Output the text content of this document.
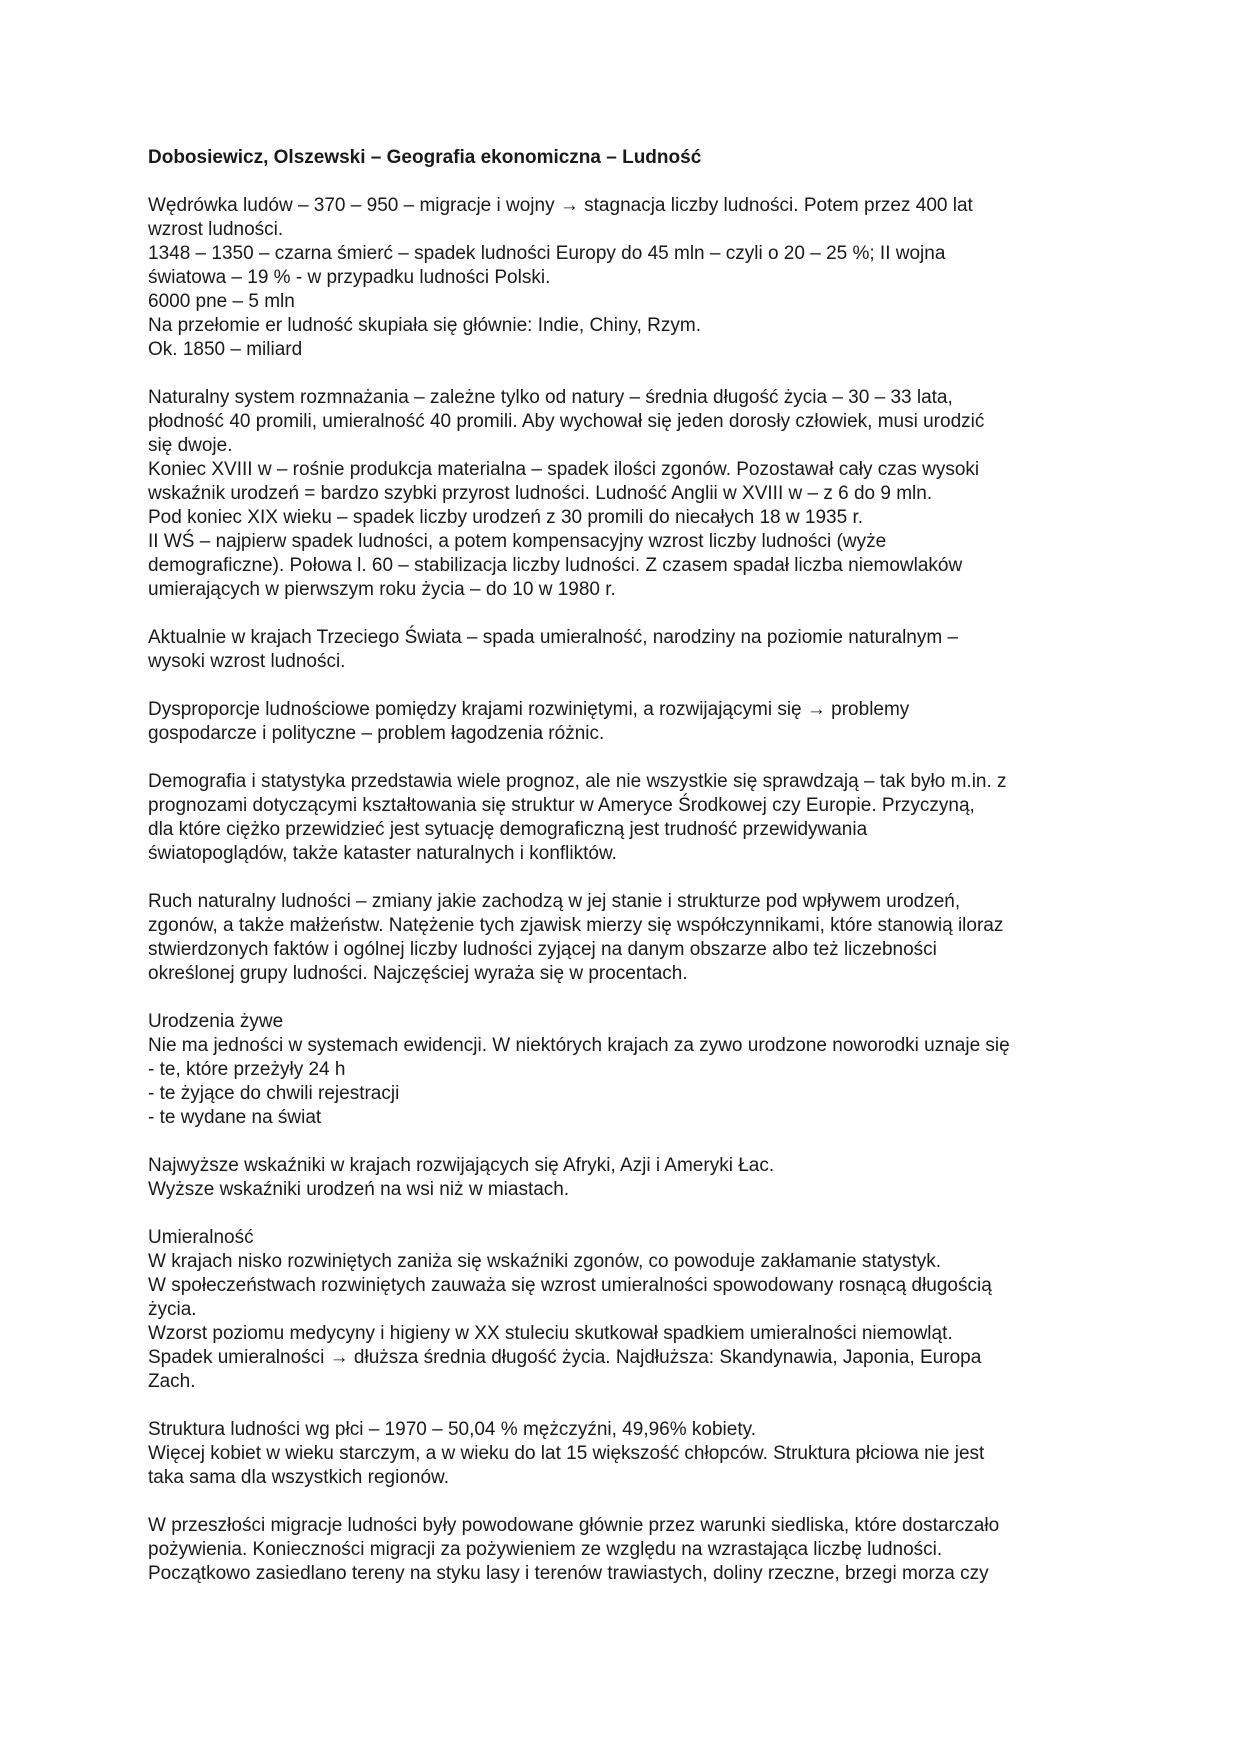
Dobosiewicz, Olszewski – Geografia ekonomiczna – Ludność
Wędrówka ludów – 370 – 950 – migracje i wojny → stagnacja liczby ludności. Potem przez 400 lat
wzrost ludności.
1348 – 1350 – czarna śmierć – spadek ludności Europy do 45 mln – czyli o 20 – 25 %; II wojna
światowa – 19 % - w przypadku ludności Polski.
6000 pne – 5 mln
Na przełomie er ludność skupiała się głównie: Indie, Chiny, Rzym.
Ok. 1850 – miliard
Naturalny system rozmnażania – zależne tylko od natury – średnia długość życia – 30 – 33 lata,
płodność 40 promili, umieralność 40 promili. Aby wychował się jeden dorosły człowiek, musi urodzić
się dwoje.
Koniec XVIII w – rośnie produkcja materialna – spadek ilości zgonów. Pozostawał cały czas wysoki
wskaźnik urodzeń = bardzo szybki przyrost ludności. Ludność Anglii w XVIII w – z 6 do 9 mln.
Pod koniec XIX wieku – spadek liczby urodzeń z 30 promili do niecałych 18 w 1935 r.
II WŚ – najpierw spadek ludności, a potem kompensacyjny wzrost liczby ludności (wyże
demograficzne). Połowa l. 60 – stabilizacja liczby ludności. Z czasem spadał liczba niemowlaków
umierających w pierwszym roku życia – do 10 w 1980 r.
Aktualnie w krajach Trzeciego Świata – spada umieralność, narodziny na poziomie naturalnym –
wysoki wzrost ludności.
Dysproporcje ludnościowe pomiędzy krajami rozwiniętymi, a rozwijającymi się → problemy
gospodarcze i polityczne – problem łagodzenia różnic.
Demografia i statystyka przedstawia wiele prognoz, ale nie wszystkie się sprawdzają – tak było m.in. z
prognozami dotyczącymi kształtowania się struktur w Ameryce Środkowej czy Europie. Przyczyną,
dla które ciężko przewidzieć jest sytuację demograficzną jest trudność przewidywania
światopoglądów, także kataster naturalnych i konfliktów.
Ruch naturalny ludności – zmiany jakie zachodzą w jej stanie i strukturze pod wpływem urodzeń,
zgonów, a także małżeństw. Natężenie tych zjawisk mierzy się współczynnikami, które stanowią iloraz
stwierdzonych faktów i ogólnej liczby ludności zyjącej na danym obszarze albo też liczebności
określonej grupy ludności. Najczęściej wyraża się w procentach.
Urodzenia żywe
Nie ma jedności w systemach ewidencji. W niektórych krajach za zywo urodzone noworodki uznaje się
- te, które przeżyły 24 h
- te żyjące do chwili rejestracji
- te wydane na świat
Najwyższe wskaźniki w krajach rozwijających się Afryki, Azji i Ameryki Łac.
Wyższe wskaźniki urodzeń na wsi niż w miastach.
Umieralność
W krajach nisko rozwiniętych zaniża się wskaźniki zgonów, co powoduje zakłamanie statystyk.
W społeczeństwach rozwiniętych zauważa się wzrost umieralności spowodowany rosnącą długością
życia.
Wzorst poziomu medycyny i higieny w XX stuleciu skutkował spadkiem umieralności niemowląt.
Spadek umieralności → dłuższa średnia długość życia. Najdłuższa: Skandynawia, Japonia, Europa
Zach.
Struktura ludności wg płci – 1970 – 50,04 % mężczyźni, 49,96% kobiety.
Więcej kobiet w wieku starczym, a w wieku do lat 15 większość chłopców. Struktura płciowa nie jest
taka sama dla wszystkich regionów.
W przeszłości migracje ludności były powodowane głównie przez warunki siedliska, które dostarczało
pożywienia. Konieczności migracji za pożywieniem ze względu na wzrastająca liczbę ludności.
Początkowo zasiedlano tereny na styku lasy i terenów trawiastych, doliny rzeczne, brzegi morza czy
